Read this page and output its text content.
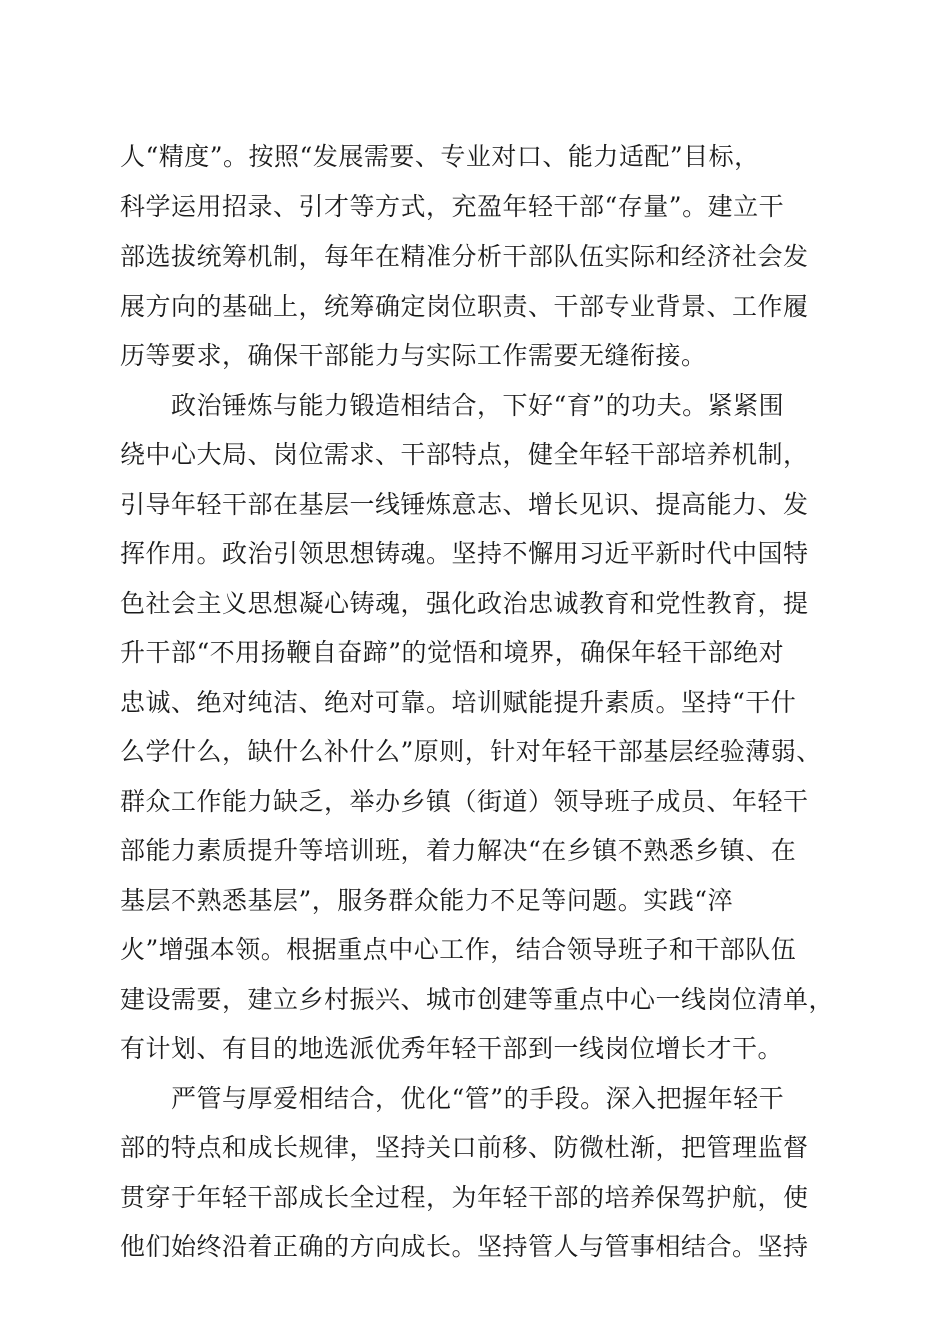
人“精度”。按照“发展需要、专业对口、能力适配”目标，
科学运用招录、引才等方式，充盈年轻干部“存量”。建立干
部选拔统筹机制，每年在精准分析干部队伍实际和经济社会发
展方向的基础上，统筹确定岗位职责、干部专业背景、工作履
历等要求，确保干部能力与实际工作需要无缝衔接。
政治锤炼与能力锻造相结合，下好“育”的功夫。紧紧围
绕中心大局、岗位需求、干部特点，健全年轻干部培养机制，
引导年轻干部在基层一线锤炼意志、增长见识、提高能力、发
挥作用。政治引领思想铸魂。坚持不懈用习近平新时代中国特
色社会主义思想凝心铸魂，强化政治忠诚教育和党性教育，提
升干部“不用扬鞭自奋蹄”的觉悟和境界，确保年轻干部绝对
忠诚、绝对纯洁、绝对可靠。培训赋能提升素质。坚持“干什
么学什么，缺什么补什么”原则，针对年轻干部基层经验薄弱、
群众工作能力缺乏，举办乡镇（街道）领导班子成员、年轻干
部能力素质提升等培训班，着力解决“在乡镇不熟悉乡镇、在
基层不熟悉基层”，服务群众能力不足等问题。实践“淬
火”增强本领。根据重点中心工作，结合领导班子和干部队伍
建设需要，建立乡村振兴、城市创建等重点中心一线岗位清单，
有计划、有目的地选派优秀年轻干部到一线岗位增长才干。
严管与厚爱相结合，优化“管”的手段。深入把握年轻干
部的特点和成长规律，坚持关口前移、防微杜渐，把管理监督
贯穿于年轻干部成长全过程，为年轻干部的培养保驾护航，使
他们始终沿着正确的方向成长。坚持管人与管事相结合。坚持
